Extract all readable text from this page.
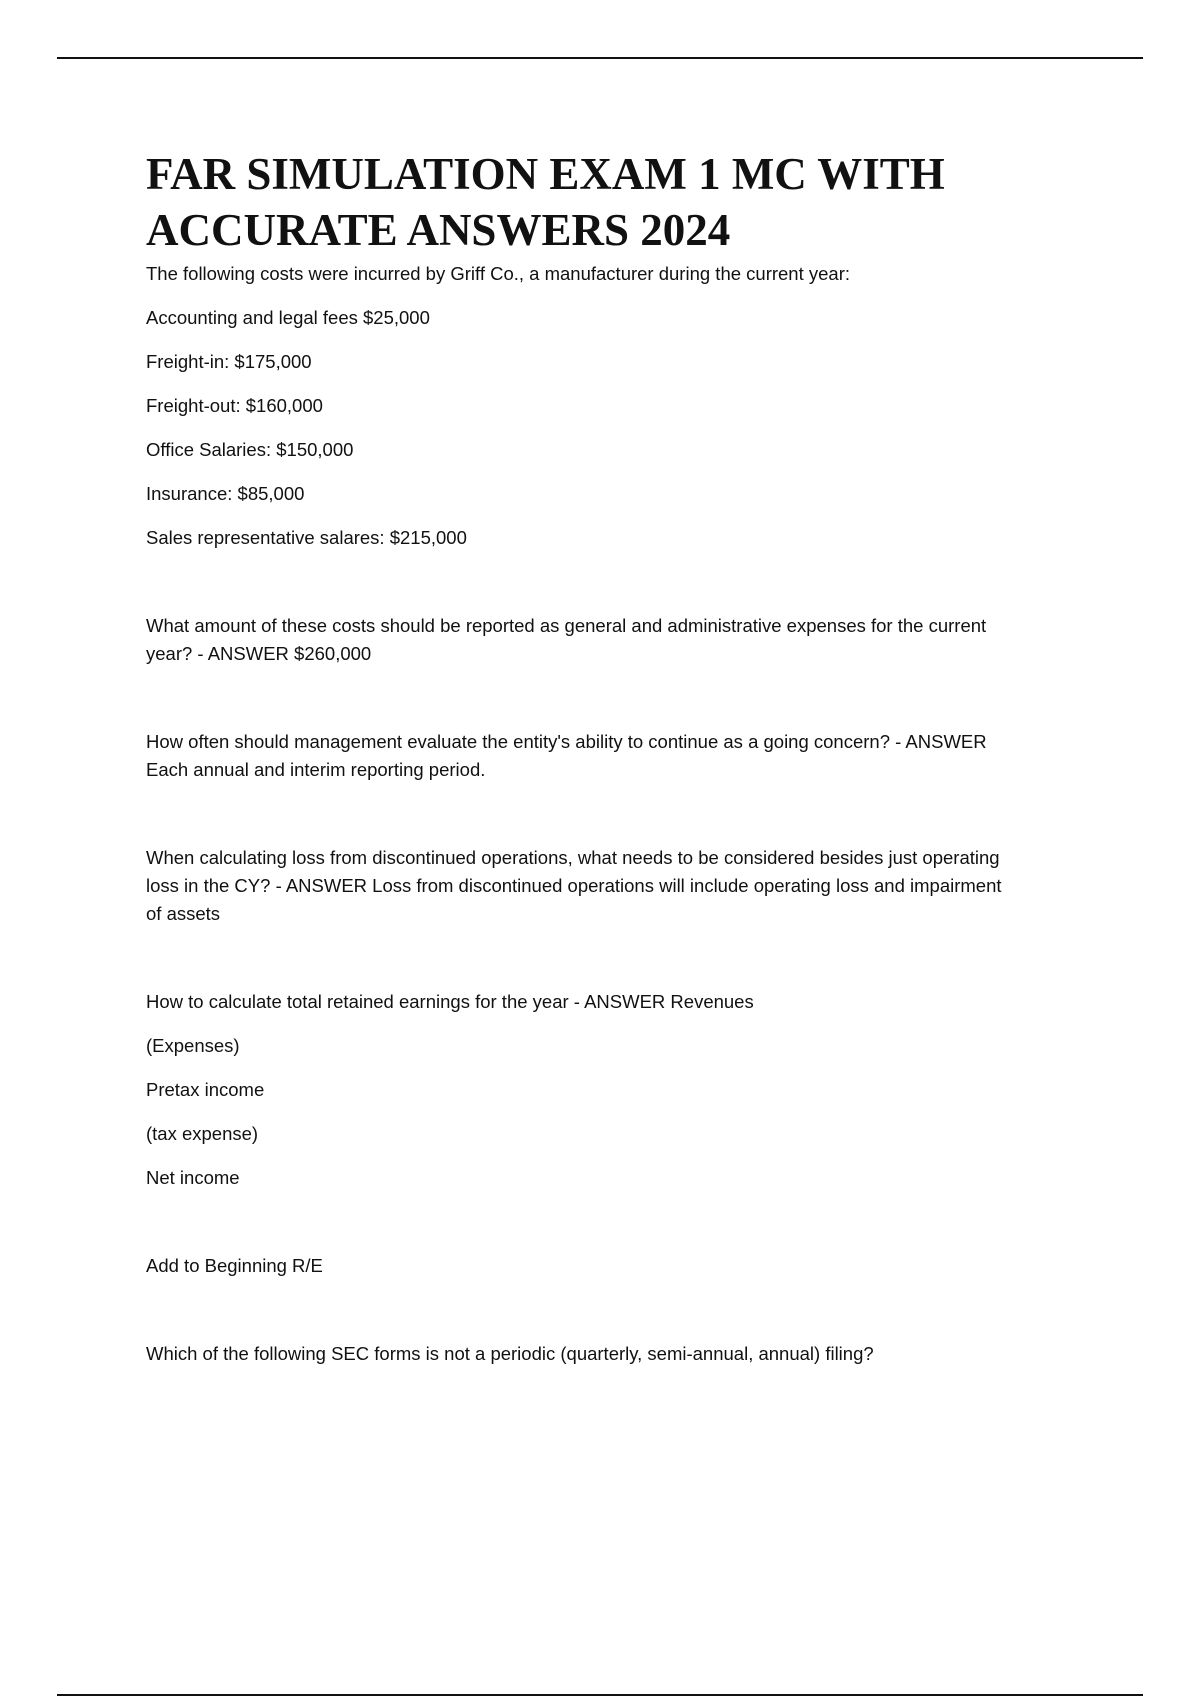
FAR SIMULATION EXAM 1 MC WITH
ACCURATE ANSWERS 2024

The following costs were incurred by Griff Co., a manufacturer during the current year:

Accounting and legal fees $25,000

Freight-in: $175,000

Freight-out: $160,000

Office Salaries: $150,000

Insurance: $85,000

Sales representative salares: $215,000

What amount of these costs should be reported as general and administrative expenses for the current

year? - ANSWER $260,000

How often should management evaluate the entity's ability to continue as a going concern? - ANSWER

Each annual and interim reporting period.

When calculating loss from discontinued operations, what needs to be considered besides just operating

loss in the CY? - ANSWER Loss from discontinued operations will include operating loss and impairment

of assets

How to calculate total retained earnings for the year - ANSWER Revenues

(Expenses)

Pretax income

(tax expense)

Net income

Add to Beginning R/E

Which of the following SEC forms is not a periodic (quarterly, semi-annual, annual) filing?
